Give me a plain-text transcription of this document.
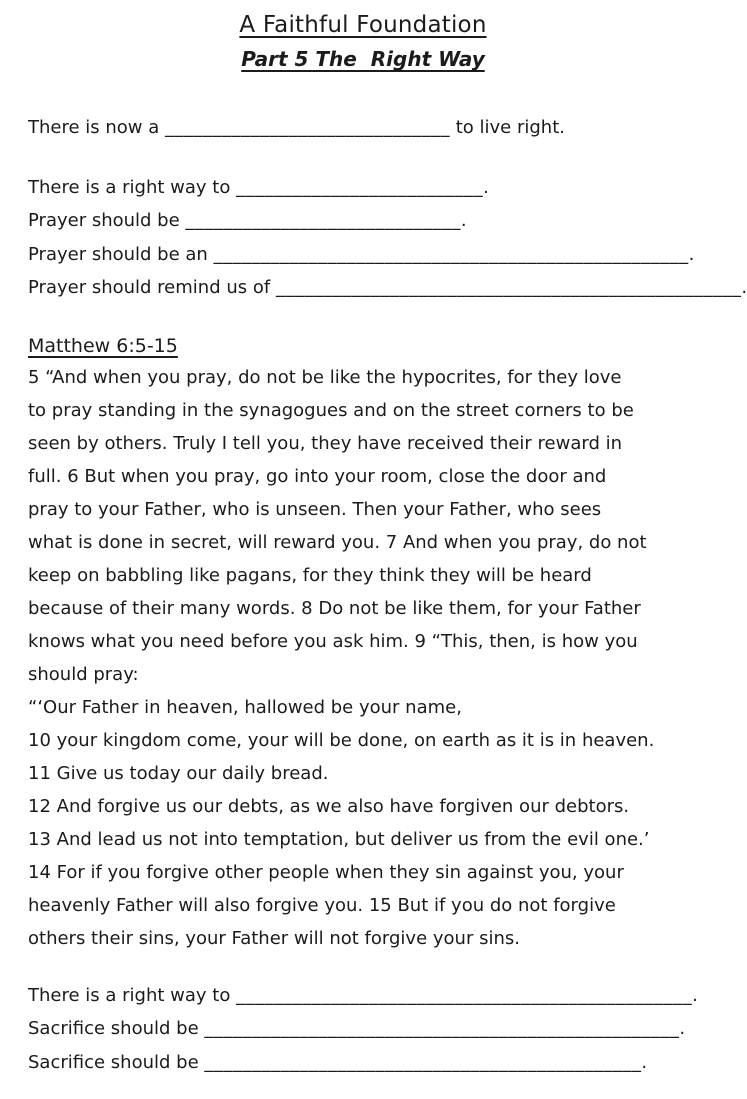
A Faithful Foundation
Part 5 The  Right Way

There is now a ______________________________ to live right.

There is a right way to __________________________.

Prayer should be _____________________________.

Prayer should be an __________________________________________________.

Prayer should remind us of _________________________________________________.

Matthew 6:5-15
5 “And when you pray, do not be like the hypocrites, for they love
to pray standing in the synagogues and on the street corners to be
seen by others. Truly I tell you, they have received their reward in
full. 6 But when you pray, go into your room, close the door and
pray to your Father, who is unseen. Then your Father, who sees
what is done in secret, will reward you. 7 And when you pray, do not
keep on babbling like pagans, for they think they will be heard
because of their many words. 8 Do not be like them, for your Father
knows what you need before you ask him. 9 “This, then, is how you
should pray:
“‘Our Father in heaven, hallowed be your name,
10 your kingdom come, your will be done, on earth as it is in heaven.
11 Give us today our daily bread.
12 And forgive us our debts, as we also have forgiven our debtors.
13 And lead us not into temptation, but deliver us from the evil one.’
14 For if you forgive other people when they sin against you, your
heavenly Father will also forgive you. 15 But if you do not forgive
others their sins, your Father will not forgive your sins.

There is a right way to ________________________________________________.

Sacrifice should be __________________________________________________.

Sacrifice should be ______________________________________________.
